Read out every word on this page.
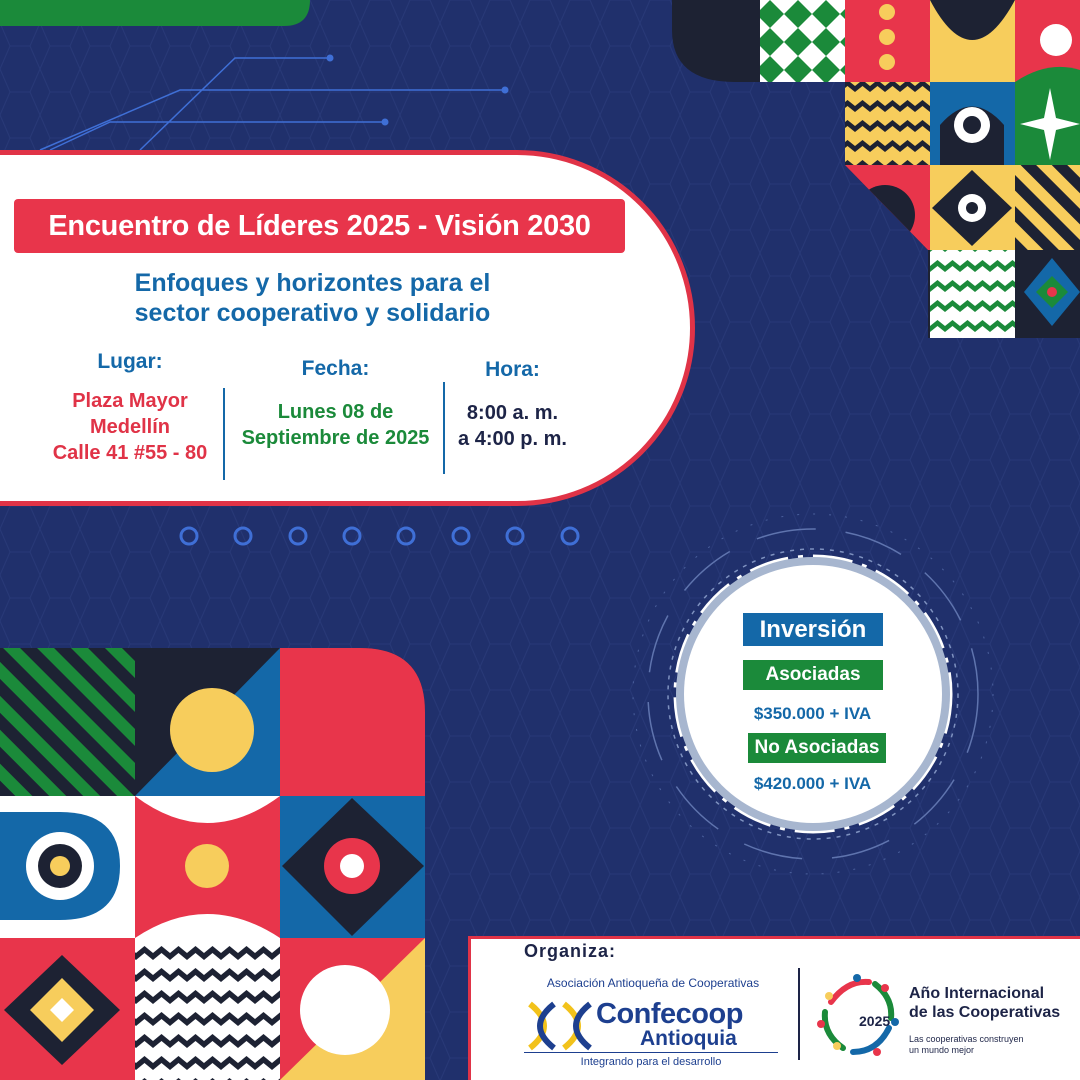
Encuentro de Líderes 2025 - Visión 2030
Enfoques y horizontes para el
sector cooperativo y solidario
Lugar:
Plaza Mayor
Medellín
Calle 41 #55 - 80
Fecha:
Lunes 08 de
Septiembre de 2025
Hora:
8:00 a. m.
a 4:00 p. m.
Inversión
Asociadas
$350.000 + IVA
No Asociadas
$420.000 + IVA
Organiza:
Asociación Antioqueña de Cooperativas
Confecoop
Antioquia
Integrando para el desarrollo
2025
Año Internacional
de las Cooperativas
Las cooperativas construyen
un mundo mejor
